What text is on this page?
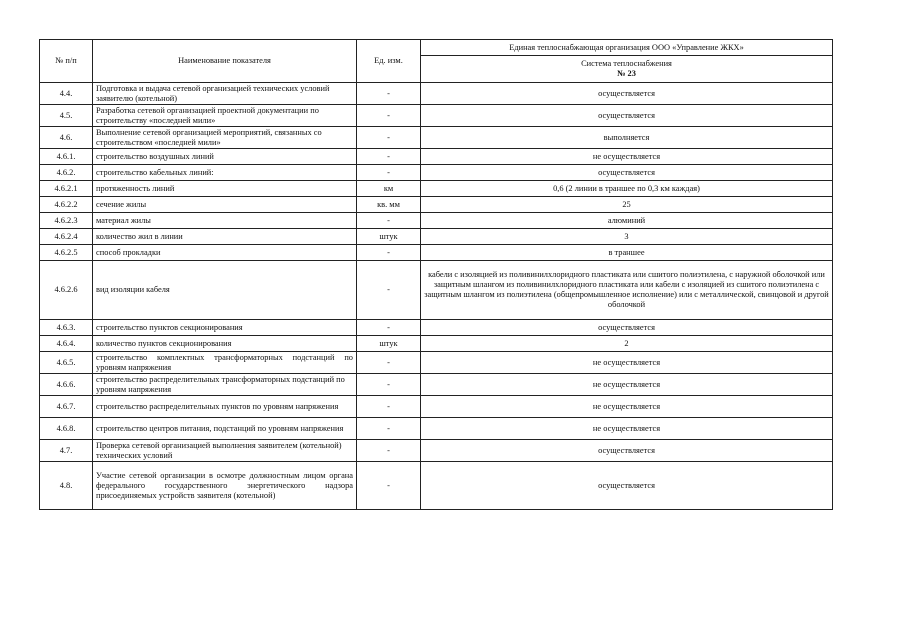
№ п/п	Наименование показателя	Ед. изм.	Единая теплоснабжающая организация ООО «Управление ЖКХ»

			Система теплоснабжения
№ 23

4.4.	Подготовка и выдача сетевой организацией технических условий заявителю (котельной)	-	осуществляется
4.5.	Разработка сетевой организацией проектной документации по строительству «последней мили»	-	осуществляется
4.6.	Выполнение сетевой организацией мероприятий, связанных со строительством «последней мили»	-	выполняется
4.6.1.	строительство воздушных линий	-	не осуществляется
4.6.2.	строительство кабельных линий:	-	осуществляется
4.6.2.1	протяженность линий	км	0,6 (2 линии в траншее по 0,3 км каждая)
4.6.2.2	сечение жилы	кв. мм	25
4.6.2.3	материал жилы	-	алюминий
4.6.2.4	количество жил в линии	штук	3
4.6.2.5	способ прокладки	-	в траншее
4.6.2.6	вид изоляции кабеля	-	кабели с изоляцией из поливинилхлоридного пластиката или сшитого полиэтилена, с наружной оболочкой или защитным шлангом из поливинилхлоридного пластиката или кабели с изоляцией из сшитого полиэтилена с защитным шлангом из полиэтилена (общепромышленное исполнение) или с металлической, свинцовой и другой оболочкой
4.6.3.	строительство пунктов секционирования	-	осуществляется
4.6.4.	количество пунктов секционирования	штук	2
4.6.5.	строительство комплектных трансформаторных подстанций по уровням напряжения	-	не осуществляется
4.6.6.	строительство распределительных трансформаторных подстанций по уровням напряжения	-	не осуществляется
4.6.7.	строительство распределительных пунктов по уровням напряжения	-	не осуществляется
4.6.8.	строительство центров питания, подстанций по уровням напряжения	-	не осуществляется
4.7.	Проверка сетевой организацией выполнения заявителем (котельной) технических условий	-	осуществляется
4.8.	Участие сетевой организации в осмотре должностным лицом органа федерального государственного энергетического надзора присоединяемых устройств заявителя (котельной)	-	осуществляется
